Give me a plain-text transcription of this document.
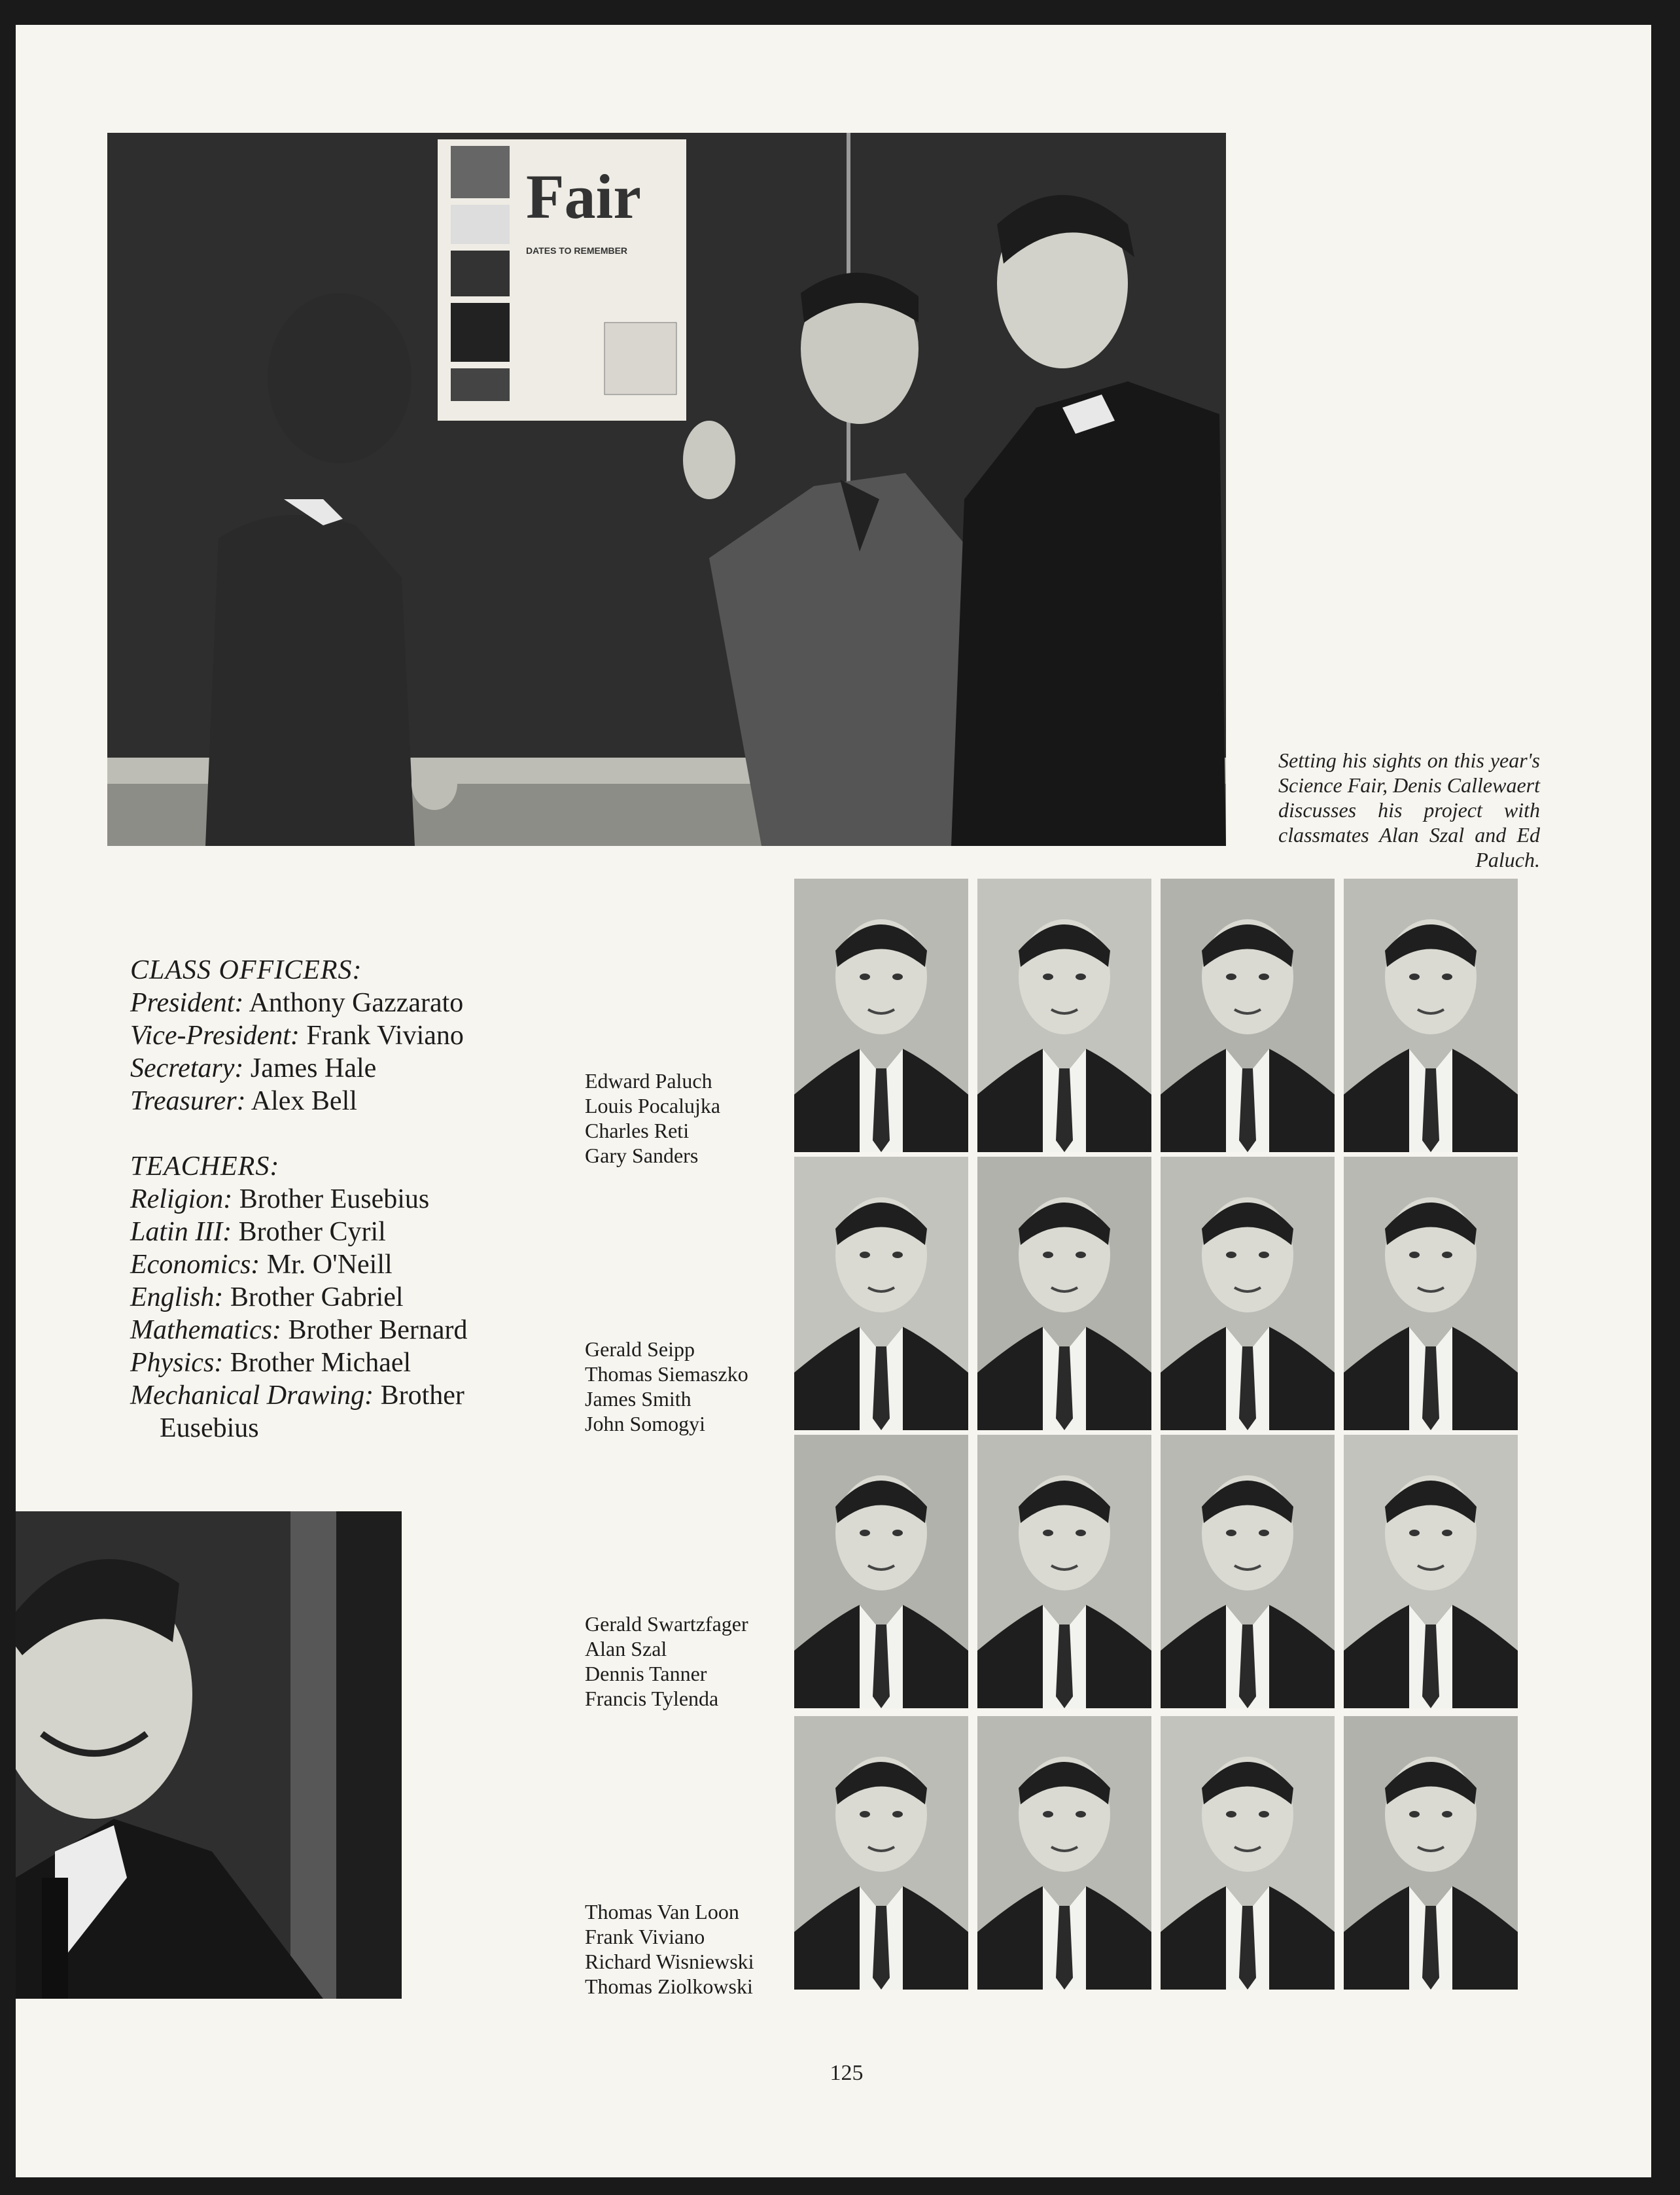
Fair
DATES TO REMEMBER
Setting his sights on this year's Science Fair, Denis Callewaert discusses his project with classmates Alan Szal and Ed Paluch.
CLASS OFFICERS:
President: Anthony Gazzarato
Vice-President: Frank Viviano
Secretary: James Hale
Treasurer: Alex Bell
TEACHERS:
Religion: Brother Eusebius
Latin III: Brother Cyril
Economics: Mr. O'Neill
English: Brother Gabriel
Mathematics: Brother Bernard
Physics: Brother Michael
Mechanical Drawing: Brother
Eusebius
Edward Paluch
Louis Pocalujka
Charles Reti
Gary Sanders
Gerald Seipp
Thomas Siemaszko
James Smith
John Somogyi
Gerald Swartzfager
Alan Szal
Dennis Tanner
Francis Tylenda
Thomas Van Loon
Frank Viviano
Richard Wisniewski
Thomas Ziolkowski
125
